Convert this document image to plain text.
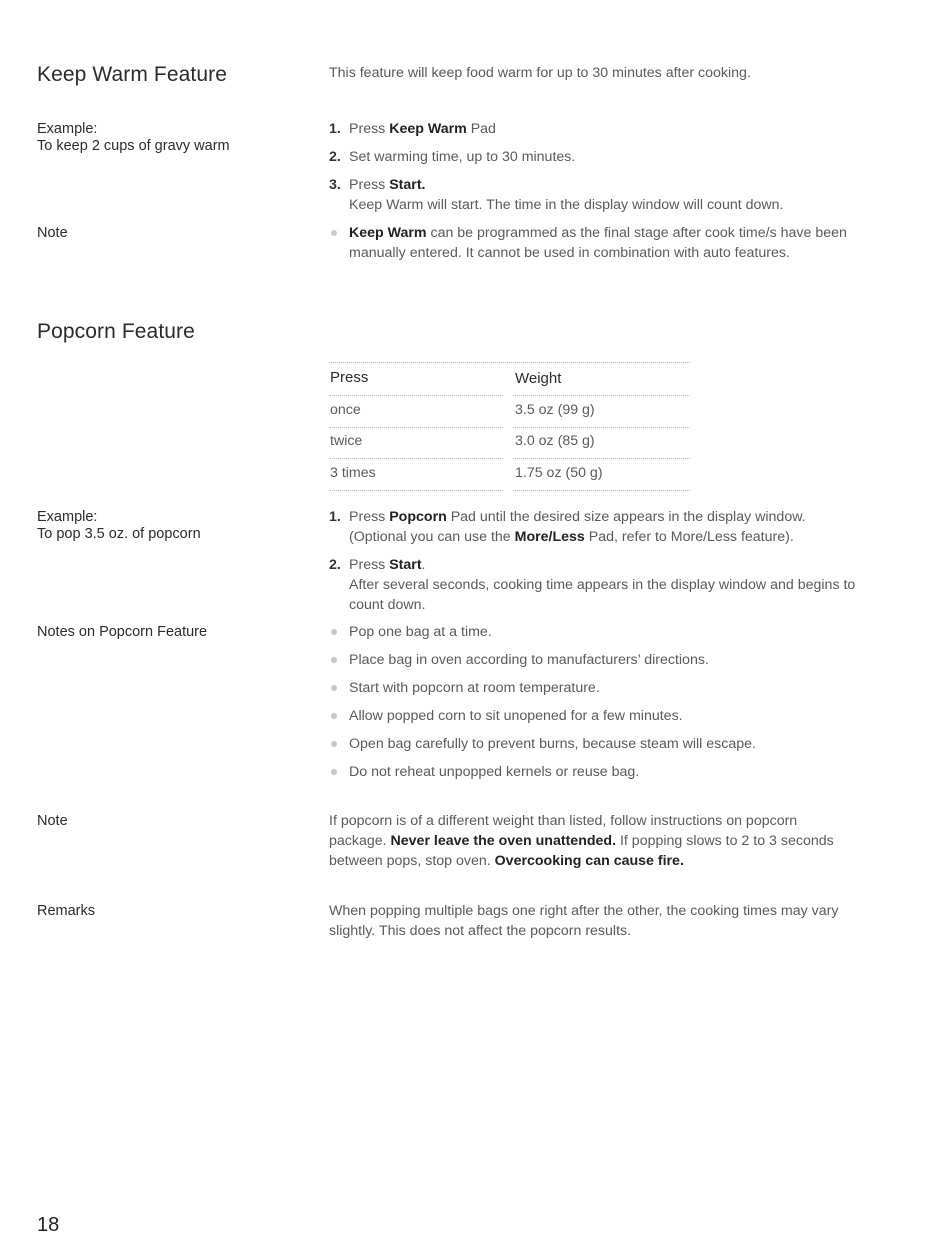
Keep Warm Feature	This feature will keep food warm for up to 30 minutes after cooking.
Example:
To keep 2 cups of gravy warm
1. Press Keep Warm Pad
2. Set warming time, up to 30 minutes.
3. Press Start.
Keep Warm will start. The time in the display window will count down.
Note	Keep Warm can be programmed as the final stage after cook time/s have been
manually entered. It cannot be used in combination with auto features.
Popcorn Feature
Press	Weight
once	3.5 oz (99 g)
twice	3.0 oz (85 g)
3 times	1.75 oz (50 g)
Example:
To pop 3.5 oz. of popcorn
1. Press Popcorn Pad until the desired size appears in the display window.
(Optional you can use the More/Less Pad, refer to More/Less feature).
2. Press Start.
After several seconds, cooking time appears in the display window and begins to
count down.
Notes on Popcorn Feature	Pop one bag at a time.
Place bag in oven according to manufacturers’ directions.
Start with popcorn at room temperature.
Allow popped corn to sit unopened for a few minutes.
Open bag carefully to prevent burns, because steam will escape.
Do not reheat unpopped kernels or reuse bag.
Note	If popcorn is of a different weight than listed, follow instructions on popcorn
package. Never leave the oven unattended. If popping slows to 2 to 3 seconds
between pops, stop oven. Overcooking can cause fire.
Remarks	When popping multiple bags one right after the other, the cooking times may vary
slightly. This does not affect the popcorn results.
18
